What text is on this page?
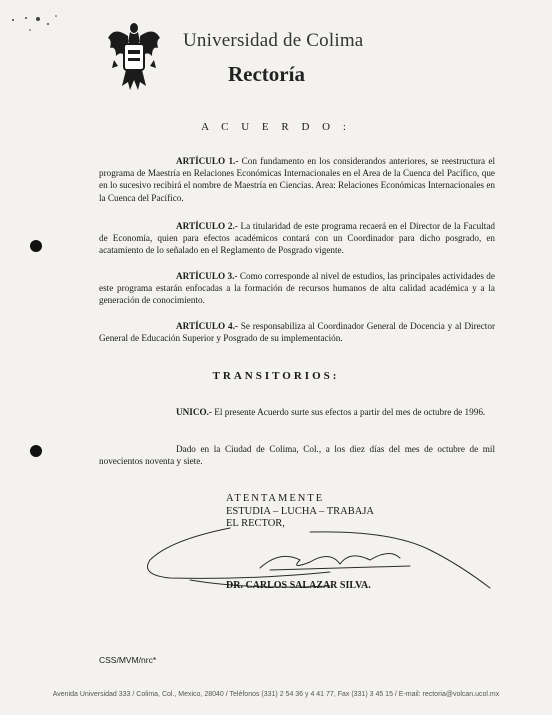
Universidad de Colima
Rectoría
A C U E R D O :
ARTÍCULO 1.- Con fundamento en los considerandos anteriores, se reestructura el programa de Maestría en Relaciones Económicas Internacionales en el Area de la Cuenca del Pacífico, que en lo sucesivo recibirá el nombre de Maestría en Ciencias. Area: Relaciones Económicas Internacionales en la Cuenca del Pacífico.
ARTÍCULO 2.- La titularidad de este programa recaerá en el Director de la Facultad de Economía, quien para efectos académicos contará con un Coordinador para dicho posgrado, en acatamiento de lo señalado en el Reglamento de Posgrado vigente.
ARTÍCULO 3.- Como corresponde al nivel de estudios, las principales actividades de este programa estarán enfocadas a la formación de recursos humanos de alta calidad académica y a la generación de conocimiento.
ARTÍCULO 4.- Se responsabiliza al Coordinador General de Docencia y al Director General de Educación Superior y Posgrado de su implementación.
TRANSITORIOS:
UNICO.- El presente Acuerdo surte sus efectos a partir del mes de octubre de 1996.
Dado en la Ciudad de Colima, Col., a los diez días del mes de octubre de mil novecientos noventa y siete.
ATENTAMENTE
ESTUDIA – LUCHA – TRABAJA
EL RECTOR,
DR. CARLOS SALAZAR SILVA.
CSS/MVM/nrc*
Avenida Universidad 333 / Colima, Col., Mexico, 28040 / Teléfonos (331) 2 54 36 y 4 41 77, Fax (331) 3 45 15 / E-mail: rectoria@volcan.ucol.mx
